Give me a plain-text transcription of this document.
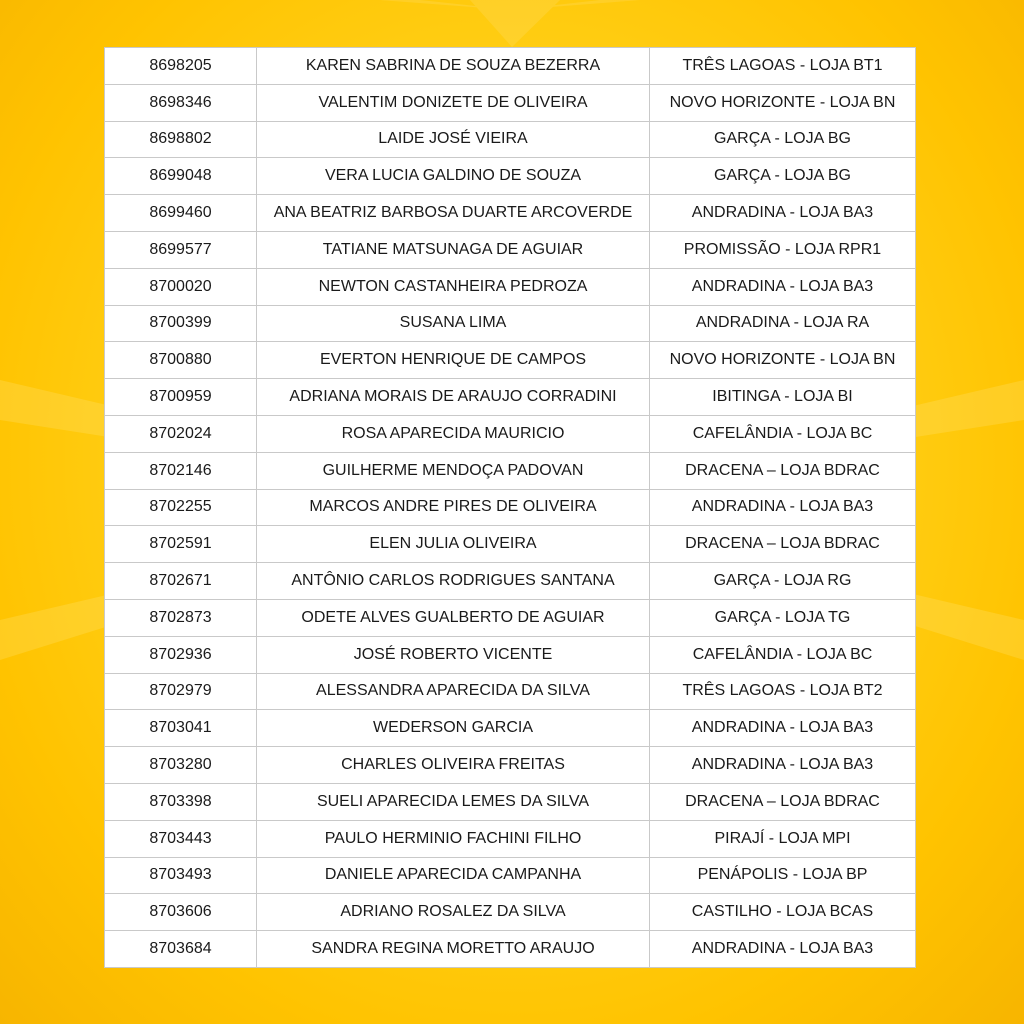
8698205	KAREN SABRINA DE SOUZA BEZERRA	TRÊS LAGOAS - LOJA BT1
8698346	VALENTIM DONIZETE DE OLIVEIRA	NOVO HORIZONTE - LOJA BN
8698802	LAIDE JOSÉ VIEIRA	GARÇA - LOJA BG
8699048	VERA LUCIA GALDINO DE SOUZA	GARÇA - LOJA BG
8699460	ANA BEATRIZ BARBOSA DUARTE ARCOVERDE	ANDRADINA - LOJA BA3
8699577	TATIANE MATSUNAGA DE AGUIAR	PROMISSÃO - LOJA RPR1
8700020	NEWTON CASTANHEIRA PEDROZA	ANDRADINA - LOJA BA3
8700399	SUSANA LIMA	ANDRADINA - LOJA RA
8700880	EVERTON HENRIQUE DE CAMPOS	NOVO HORIZONTE - LOJA BN
8700959	ADRIANA MORAIS DE ARAUJO CORRADINI	IBITINGA - LOJA BI
8702024	ROSA APARECIDA MAURICIO	CAFELÂNDIA - LOJA BC
8702146	GUILHERME MENDOÇA PADOVAN	DRACENA – LOJA BDRAC
8702255	MARCOS ANDRE PIRES DE OLIVEIRA	ANDRADINA - LOJA BA3
8702591	ELEN JULIA OLIVEIRA	DRACENA – LOJA BDRAC
8702671	ANTÔNIO CARLOS RODRIGUES SANTANA	GARÇA - LOJA RG
8702873	ODETE ALVES GUALBERTO DE AGUIAR	GARÇA - LOJA TG
8702936	JOSÉ ROBERTO VICENTE	CAFELÂNDIA - LOJA BC
8702979	ALESSANDRA APARECIDA DA SILVA	TRÊS LAGOAS - LOJA BT2
8703041	WEDERSON GARCIA	ANDRADINA - LOJA BA3
8703280	CHARLES OLIVEIRA FREITAS	ANDRADINA - LOJA BA3
8703398	SUELI APARECIDA LEMES DA SILVA	DRACENA – LOJA BDRAC
8703443	PAULO HERMINIO FACHINI FILHO	PIRAJÍ - LOJA MPI
8703493	DANIELE APARECIDA CAMPANHA	PENÁPOLIS - LOJA BP
8703606	ADRIANO ROSALEZ DA SILVA	CASTILHO - LOJA BCAS
8703684	SANDRA REGINA MORETTO ARAUJO	ANDRADINA - LOJA BA3
